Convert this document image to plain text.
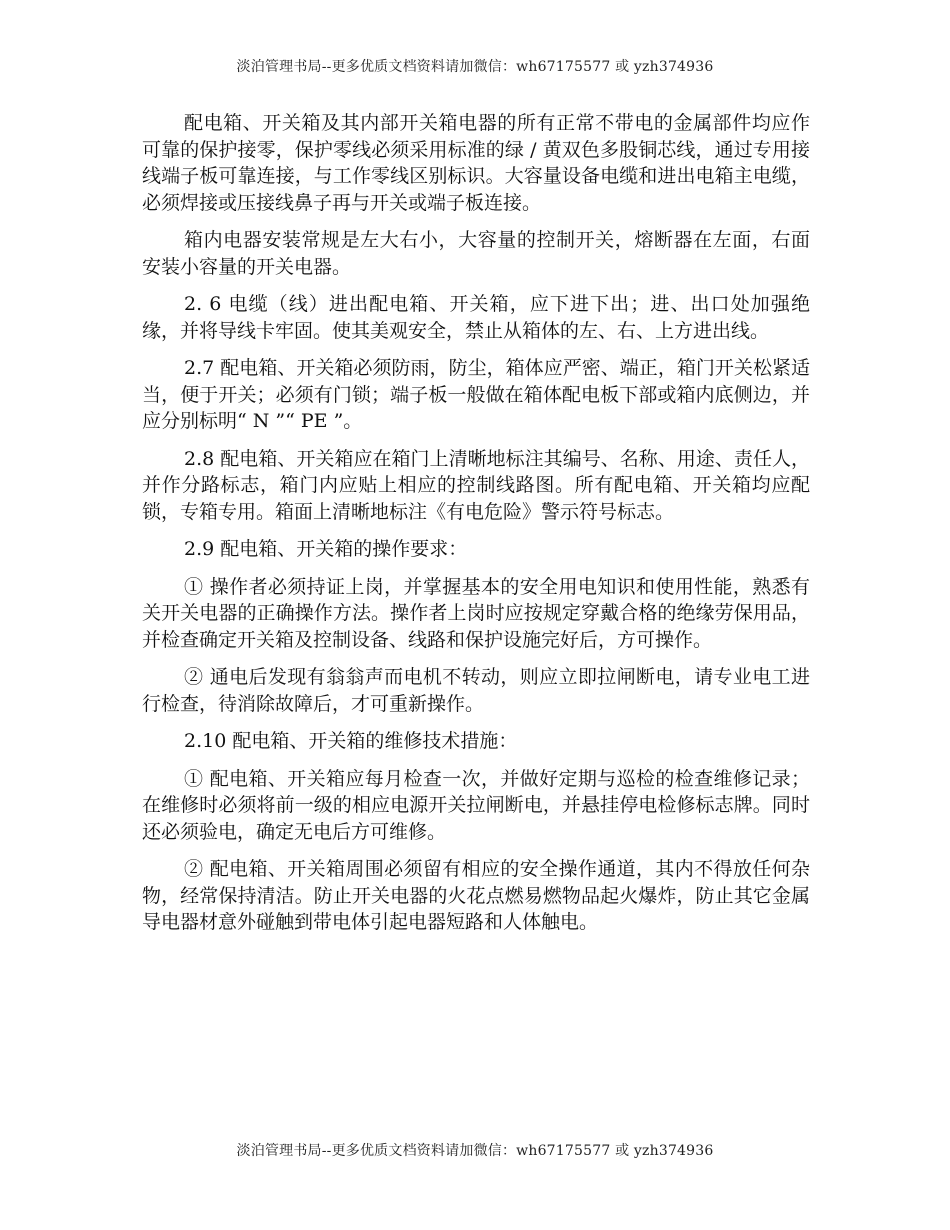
淡泊管理书局--更多优质文档资料请加微信：wh67175577 或 yzh374936

配电箱、开关箱及其内部开关箱电器的所有正常不带电的金属部件均应作可靠的保护接零，保护零线必须采用标准的绿 / 黄双色多股铜芯线，通过专用接线端子板可靠连接，与工作零线区别标识。大容量设备电缆和进出电箱主电缆，必须焊接或压接线鼻子再与开关或端子板连接。

箱内电器安装常规是左大右小，大容量的控制开关，熔断器在左面，右面安装小容量的开关电器。

2. 6 电缆（线）进出配电箱、开关箱，应下进下出；进、出口处加强绝缘，并将导线卡牢固。使其美观安全，禁止从箱体的左、右、上方进出线。

2.7 配电箱、开关箱必须防雨，防尘，箱体应严密、端正，箱门开关松紧适当，便于开关；必须有门锁；端子板一般做在箱体配电板下部或箱内底侧边，并应分别标明“ N ”“ PE ”。

2.8 配电箱、开关箱应在箱门上清晰地标注其编号、名称、用途、责任人，并作分路标志，箱门内应贴上相应的控制线路图。所有配电箱、开关箱均应配锁，专箱专用。箱面上清晰地标注《有电危险》警示符号标志。

2.9 配电箱、开关箱的操作要求：

① 操作者必须持证上岗，并掌握基本的安全用电知识和使用性能，熟悉有关开关电器的正确操作方法。操作者上岗时应按规定穿戴合格的绝缘劳保用品，并检查确定开关箱及控制设备、线路和保护设施完好后，方可操作。

② 通电后发现有翁翁声而电机不转动，则应立即拉闸断电，请专业电工进行检查，待消除故障后，才可重新操作。

2.10 配电箱、开关箱的维修技术措施：

① 配电箱、开关箱应每月检查一次，并做好定期与巡检的检查维修记录；在维修时必须将前一级的相应电源开关拉闸断电，并悬挂停电检修标志牌。同时还必须验电，确定无电后方可维修。

② 配电箱、开关箱周围必须留有相应的安全操作通道，其内不得放任何杂物，经常保持清洁。防止开关电器的火花点燃易燃物品起火爆炸，防止其它金属导电器材意外碰触到带电体引起电器短路和人体触电。

淡泊管理书局--更多优质文档资料请加微信：wh67175577 或 yzh374936
